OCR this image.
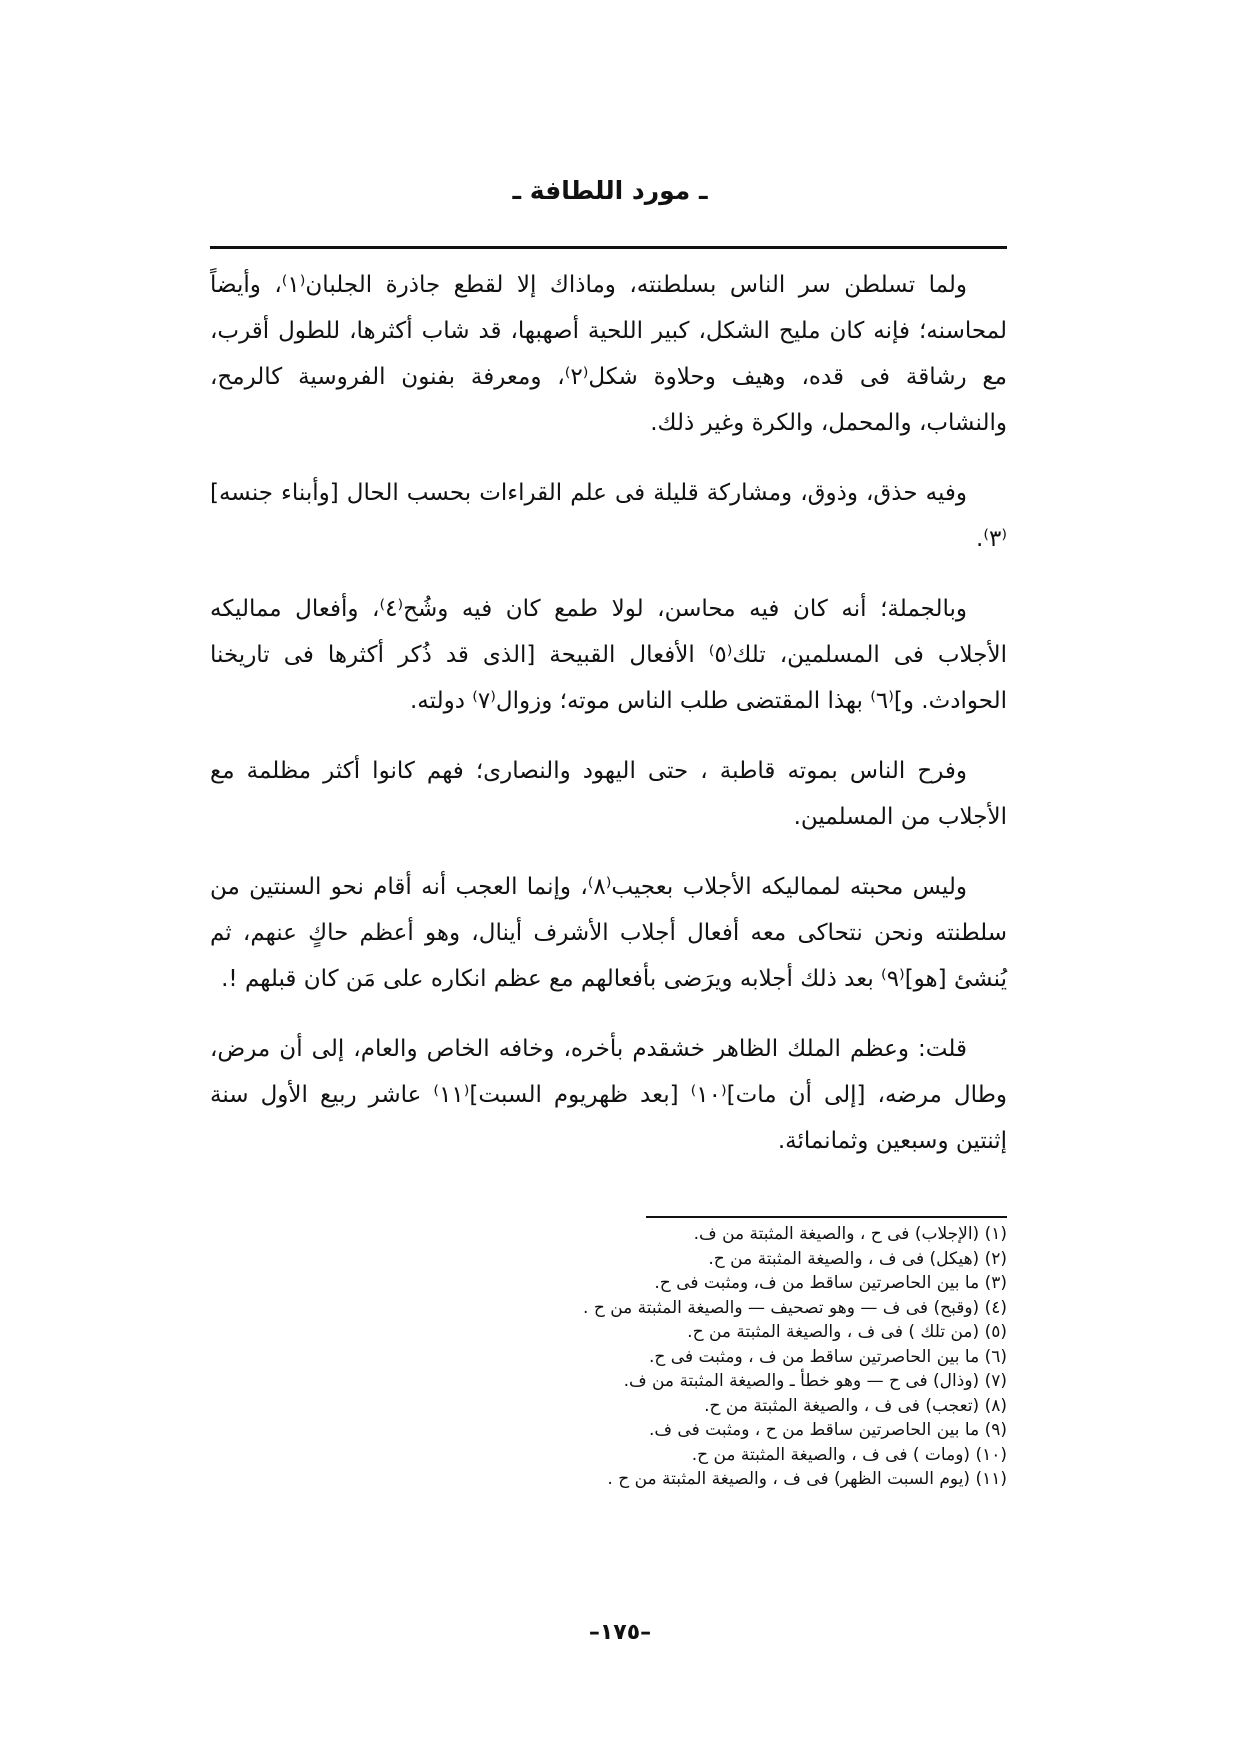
ـ مورد اللطافة ـ

ولما تسلطن سر الناس بسلطنته، وماذاك إلا لقطع جاذرة الجلبان⁽١⁾، وأيضاً لمحاسنه؛ فإنه كان مليح الشكل، كبير اللحية أصهبها، قد شاب أكثرها، للطول أقرب، مع رشاقة فى قده، وهيف وحلاوة شكل⁽٢⁾، ومعرفة بفنون الفروسية كالرمح، والنشاب، والمحمل، والكرة وغير ذلك.

وفيه حذق، وذوق، ومشاركة قليلة فى علم القراءات بحسب الحال [وأبناء جنسه]⁽٣⁾.

وبالجملة؛ أنه كان فيه محاسن، لولا طمع كان فيه وشُح⁽٤⁾، وأفعال مماليكه الأجلاب فى المسلمين، تلك⁽٥⁾ الأفعال القبيحة [الذى قد ذُكر أكثرها فى تاريخنا الحوادث. و]⁽٦⁾ بهذا المقتضى طلب الناس موته؛ وزوال⁽٧⁾ دولته.

وفرح الناس بموته قاطبة ، حتى اليهود والنصارى؛ فهم كانوا أكثر مظلمة مع الأجلاب من المسلمين.

وليس محبته لمماليكه الأجلاب بعجيب⁽٨⁾، وإنما العجب أنه أقام نحو السنتين من سلطنته ونحن نتحاكى معه أفعال أجلاب الأشرف أينال، وهو أعظم حاكٍ عنهم، ثم يُنشئ [هو]⁽٩⁾ بعد ذلك أجلابه ويرَضى بأفعالهم مع عظم انكاره على مَن كان قبلهم !.

قلت: وعظم الملك الظاهر خشقدم بأخره، وخافه الخاص والعام، إلى أن مرض، وطال مرضه، [إلى أن مات]⁽١٠⁾ [بعد ظهريوم السبت]⁽١١⁾ عاشر ربيع الأول سنة إثنتين وسبعين وثمانمائة.

(١) (الإجلاب) فى ح ، والصيغة المثبتة من ف.
(٢) (هيكل) فى ف ، والصيغة المثبتة من ح.
(٣) ما بين الحاصرتين ساقط من ف، ومثبت فى ح.
(٤) (وقبح) فى ف — وهو تصحيف — والصيغة المثبتة من ح .
(٥) (من تلك ) فى ف ، والصيغة المثبتة من ح.
(٦) ما بين الحاصرتين ساقط من ف ، ومثبت فى ح.
(٧) (وذال) فى ح — وهو خطأ ـ والصيغة المثبتة من ف.
(٨) (تعجب) فى ف ، والصيغة المثبتة من ح.
(٩) ما بين الحاصرتين ساقط من ح ، ومثبت فى ف.
(١٠) (ومات ) فى ف ، والصيغة المثبتة من ح.
(١١) (يوم السبت الظهر) فى ف ، والصيغة المثبتة من ح .
–١٧٥–
